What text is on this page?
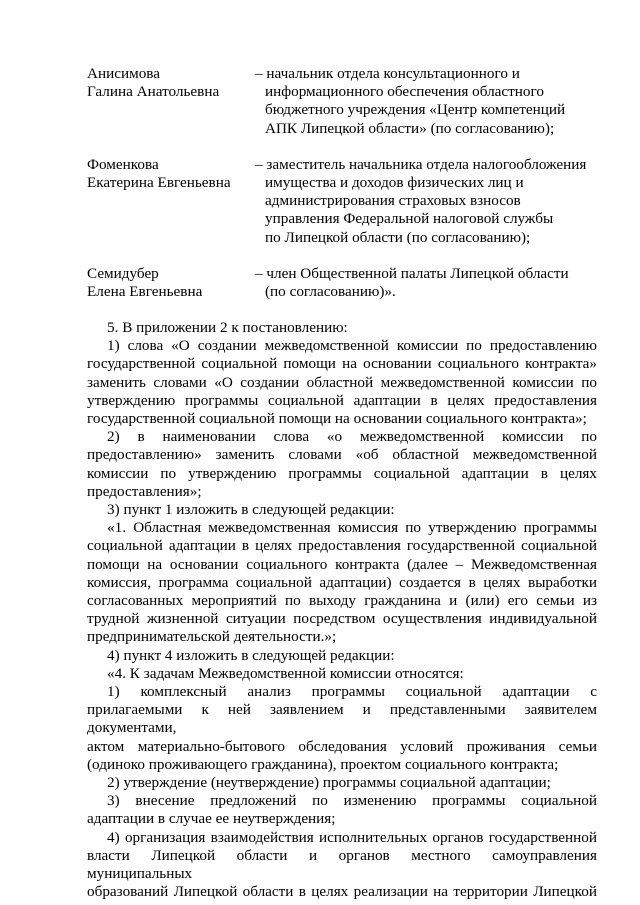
Анисимова
Галина Анатольевна
– начальник отдела консультационного и
информационного обеспечения областного
бюджетного учреждения «Центр компетенций
АПК Липецкой области» (по согласованию);
Фоменкова
Екатерина Евгеньевна
– заместитель начальника отдела налогообложения
имущества и доходов физических лиц и
администрирования страховых взносов
управления Федеральной налоговой службы
по Липецкой области (по согласованию);
Семидубер
Елена Евгеньевна
– член Общественной палаты Липецкой области
(по согласованию)».

5. В приложении 2 к постановлению:

1) слова «О создании межведомственной комиссии по предоставлению
государственной социальной помощи на основании социального контракта»
заменить словами «О создании областной межведомственной комиссии по
утверждению программы социальной адаптации в целях предоставления
государственной социальной помощи на основании социального контракта»;

2) в наименовании слова «о межведомственной комиссии по
предоставлению» заменить словами «об областной межведомственной
комиссии по утверждению программы социальной адаптации в целях
предоставления»;

3) пункт 1 изложить в следующей редакции:

«1. Областная межведомственная комиссия по утверждению программы
социальной адаптации в целях предоставления государственной социальной
помощи на основании социального контракта (далее – Межведомственная
комиссия, программа социальной адаптации) создается в целях выработки
согласованных мероприятий по выходу гражданина и (или) его семьи из
трудной жизненной ситуации посредством осуществления индивидуальной
предпринимательской деятельности.»;

4) пункт 4 изложить в следующей редакции:

«4. К задачам Межведомственной комиссии относятся:

1) комплексный анализ программы социальной адаптации с
прилагаемыми к ней заявлением и представленными заявителем документами,
актом материально-бытового обследования условий проживания семьи
(одиноко проживающего гражданина), проектом социального контракта;

2) утверждение (неутверждение) программы социальной адаптации;

3) внесение предложений по изменению программы социальной
адаптации в случае ее неутверждения;

4) организация взаимодействия исполнительных органов государственной
власти Липецкой области и органов местного самоуправления муниципальных
образований Липецкой области в целях реализации на территории Липецкой
